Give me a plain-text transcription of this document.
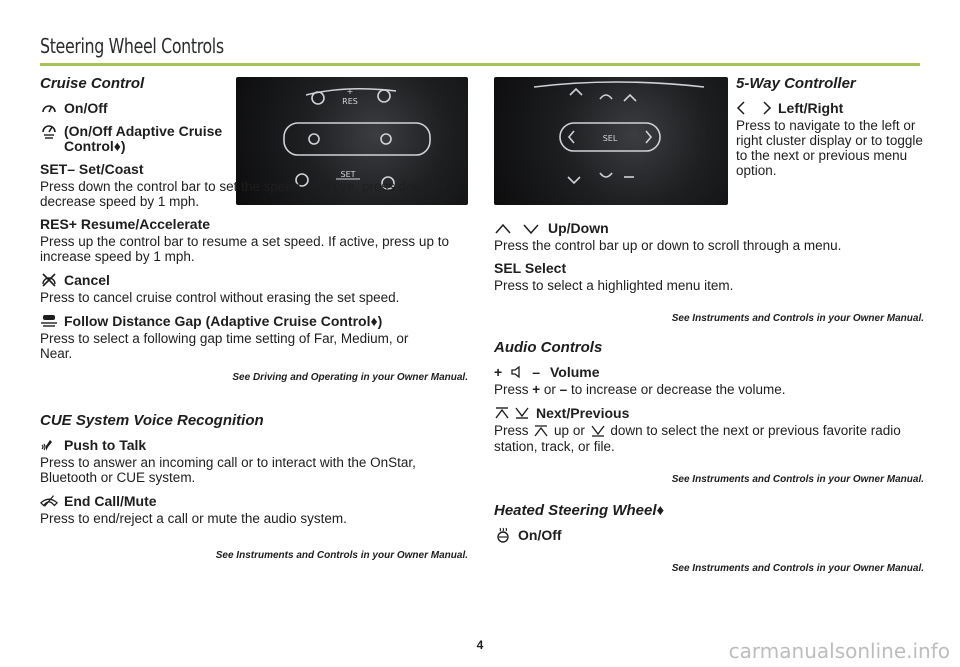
Steering Wheel Controls
+
RES
SET
SEL
Cruise Control
On/Off
(On/Off Adaptive Cruise Control♦)
SET– Set/Coast
Press down the control bar to set the speed. If active, press down to decrease speed by 1 mph.
RES+ Resume/Accelerate
Press up the control bar to resume a set speed. If active, press up to increase speed by 1 mph.
Cancel
Press to cancel cruise control without erasing the set speed.
Follow Distance Gap (Adaptive Cruise Control♦)
Press to select a following gap time setting of Far, Medium, or Near.
See Driving and Operating in your Owner Manual.
CUE System Voice Recognition
Push to Talk
Press to answer an incoming call or to interact with the OnStar, Bluetooth or CUE system.
End Call/Mute
Press to end/reject a call or mute the audio system.
See Instruments and Controls in your Owner Manual.
5-Way Controller
Left/Right
Press to navigate to the left or right cluster display or to toggle to the next or previous menu option.
Up/Down
Press the control bar up or down to scroll through a menu.
SEL Select
Press to select a highlighted menu item.
See Instruments and Controls in your Owner Manual.
Audio Controls
+ – Volume
Press + or – to increase or decrease the volume.
Next/Previous
Press up or down to select the next or previous favorite radio station, track, or file.
See Instruments and Controls in your Owner Manual.
Heated Steering Wheel♦
On/Off
See Instruments and Controls in your Owner Manual.
4	carmanualsonline.info
